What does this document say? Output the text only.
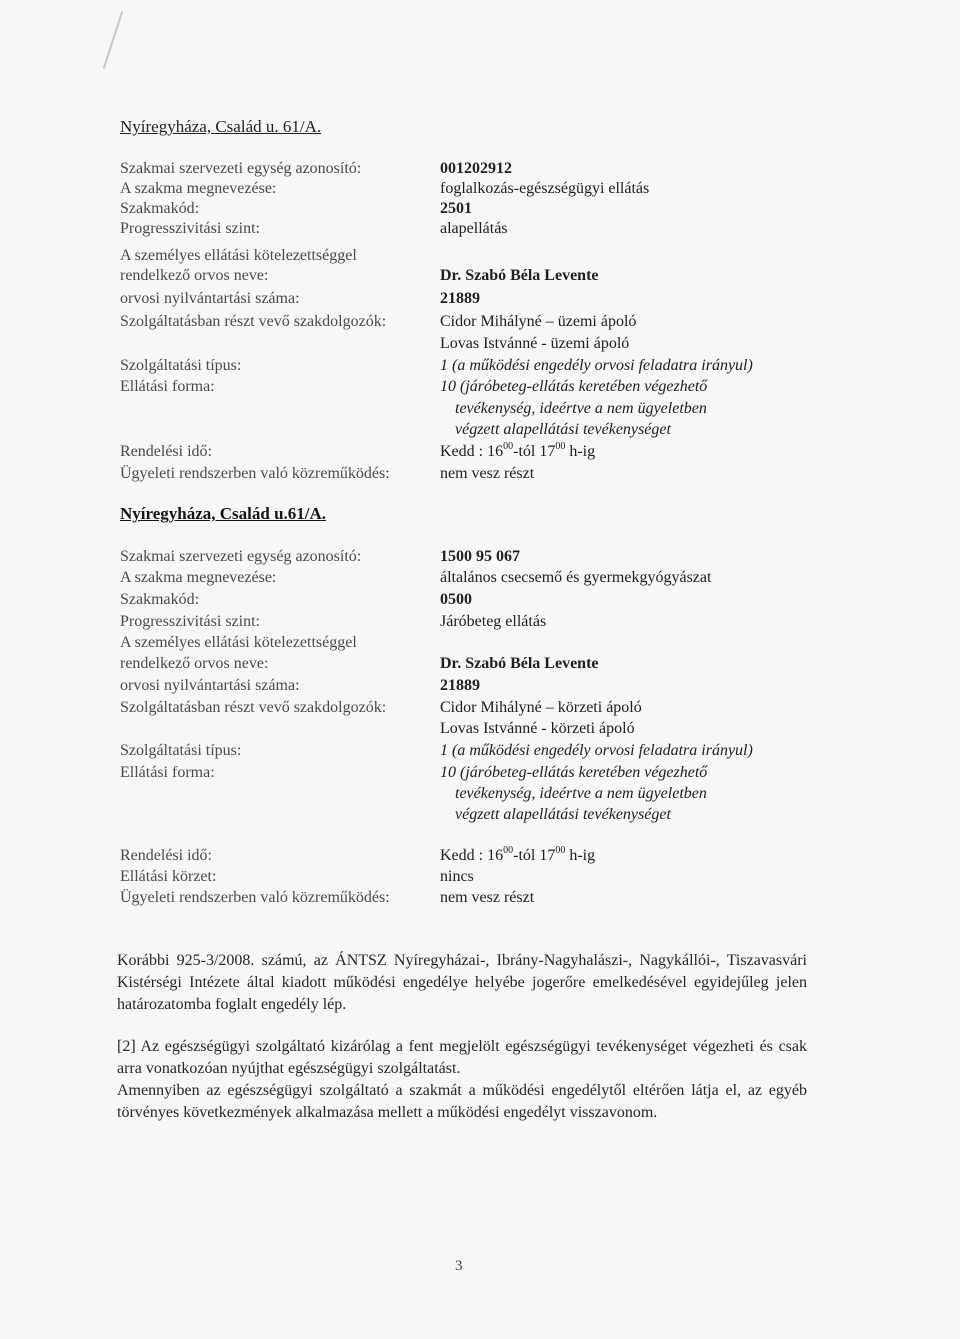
Nyíregyháza, Család u. 61/A.
Szakmai szervezeti egység azonosító:	001202912
A szakma megnevezése:	foglalkozás-egészségügyi ellátás
Szakmakód:	2501
Progresszivitási szint:	alapellátás
A személyes ellátási kötelezettséggel
rendelkező orvos neve:	Dr. Szabó Béla Levente
orvosi nyilvántartási száma:	21889
Szolgáltatásban részt vevő szakdolgozók:	Cidor Mihályné – üzemi ápoló
Lovas Istvánné - üzemi ápoló
Szolgáltatási típus:	1 (a működési engedély orvosi feladatra irányul)
Ellátási forma:	10 (járóbeteg-ellátás keretében végezhető
tevékenység, ideértve a nem ügyeletben
végzett alapellátási tevékenységet
Rendelési idő:	Kedd : $16^{00}$-tól $17^{00}$ h-ig
Ügyeleti rendszerben való közreműködés:	nem vesz részt
Nyíregyháza, Család u.61/A.
Szakmai szervezeti egység azonosító:	1500 95 067
A szakma megnevezése:	általános csecsemő és gyermekgyógyászat
Szakmakód:	0500
Progresszivitási szint:	Járóbeteg ellátás
A személyes ellátási kötelezettséggel
rendelkező orvos neve:	Dr. Szabó Béla Levente
orvosi nyilvántartási száma:	21889
Szolgáltatásban részt vevő szakdolgozók:	Cidor Mihályné – körzeti ápoló
Lovas Istvánné - körzeti ápoló
Szolgáltatási típus:	1 (a működési engedély orvosi feladatra irányul)
Ellátási forma:	10 (járóbeteg-ellátás keretében végezhető
tevékenység, ideértve a nem ügyeletben
végzett alapellátási tevékenységet
Rendelési idő:	Kedd : $16^{00}$-tól $17^{00}$ h-ig
Ellátási körzet:	nincs
Ügyeleti rendszerben való közreműködés:	nem vesz részt
Korábbi 925-3/2008. számú, az ÁNTSZ Nyíregyházai-, Ibrány-Nagyhalászi-, Nagykállói-, Tiszavasvári Kistérségi Intézete által kiadott működési engedélye helyébe jogerőre emelkedésével egyidejűleg jelen határozatomba foglalt engedély lép.
[2] Az egészségügyi szolgáltató kizárólag a fent megjelölt egészségügyi tevékenységet végezheti és csak arra vonatkozóan nyújthat egészségügyi szolgáltatást.
Amennyiben az egészségügyi szolgáltató a szakmát a működési engedélytől eltérően látja el, az egyéb törvényes következmények alkalmazása mellett a működési engedélyt visszavonom.
3
